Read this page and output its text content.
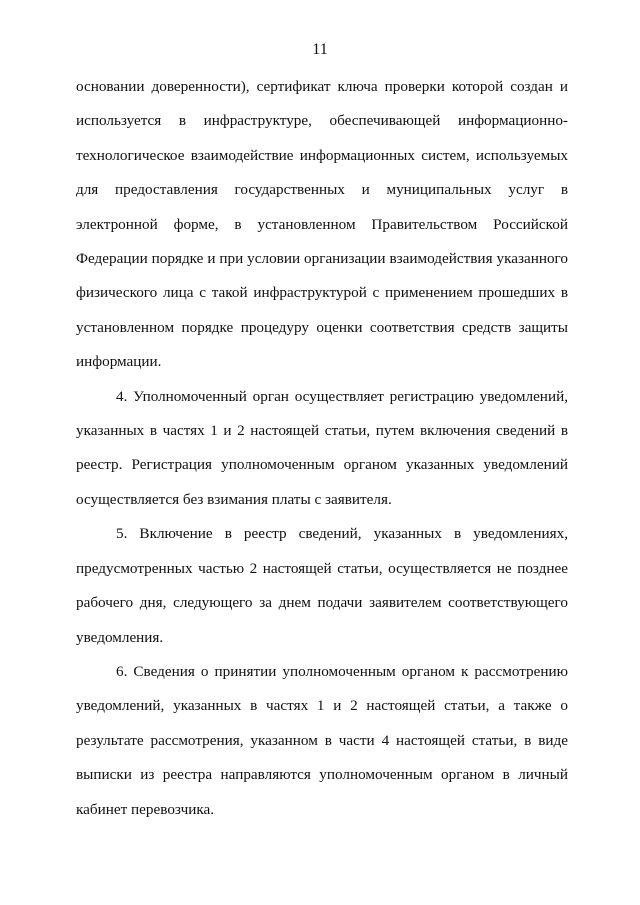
11

основании доверенности), сертификат ключа проверки которой создан и используется в инфраструктуре, обеспечивающей информационно-технологическое взаимодействие информационных систем, используемых для предоставления государственных и муниципальных услуг в электронной форме, в установленном Правительством Российской Федерации порядке и при условии организации взаимодействия указанного физического лица с такой инфраструктурой с применением прошедших в установленном порядке процедуру оценки соответствия средств защиты информации.

4. Уполномоченный орган осуществляет регистрацию уведомлений, указанных в частях 1 и 2 настоящей статьи, путем включения сведений в реестр. Регистрация уполномоченным органом указанных уведомлений осуществляется без взимания платы с заявителя.

5. Включение в реестр сведений, указанных в уведомлениях, предусмотренных частью 2 настоящей статьи, осуществляется не позднее рабочего дня, следующего за днем подачи заявителем соответствующего уведомления.

6. Сведения о принятии уполномоченным органом к рассмотрению уведомлений, указанных в частях 1 и 2 настоящей статьи, а также о результате рассмотрения, указанном в части 4 настоящей статьи, в виде выписки из реестра направляются уполномоченным органом в личный кабинет перевозчика.
